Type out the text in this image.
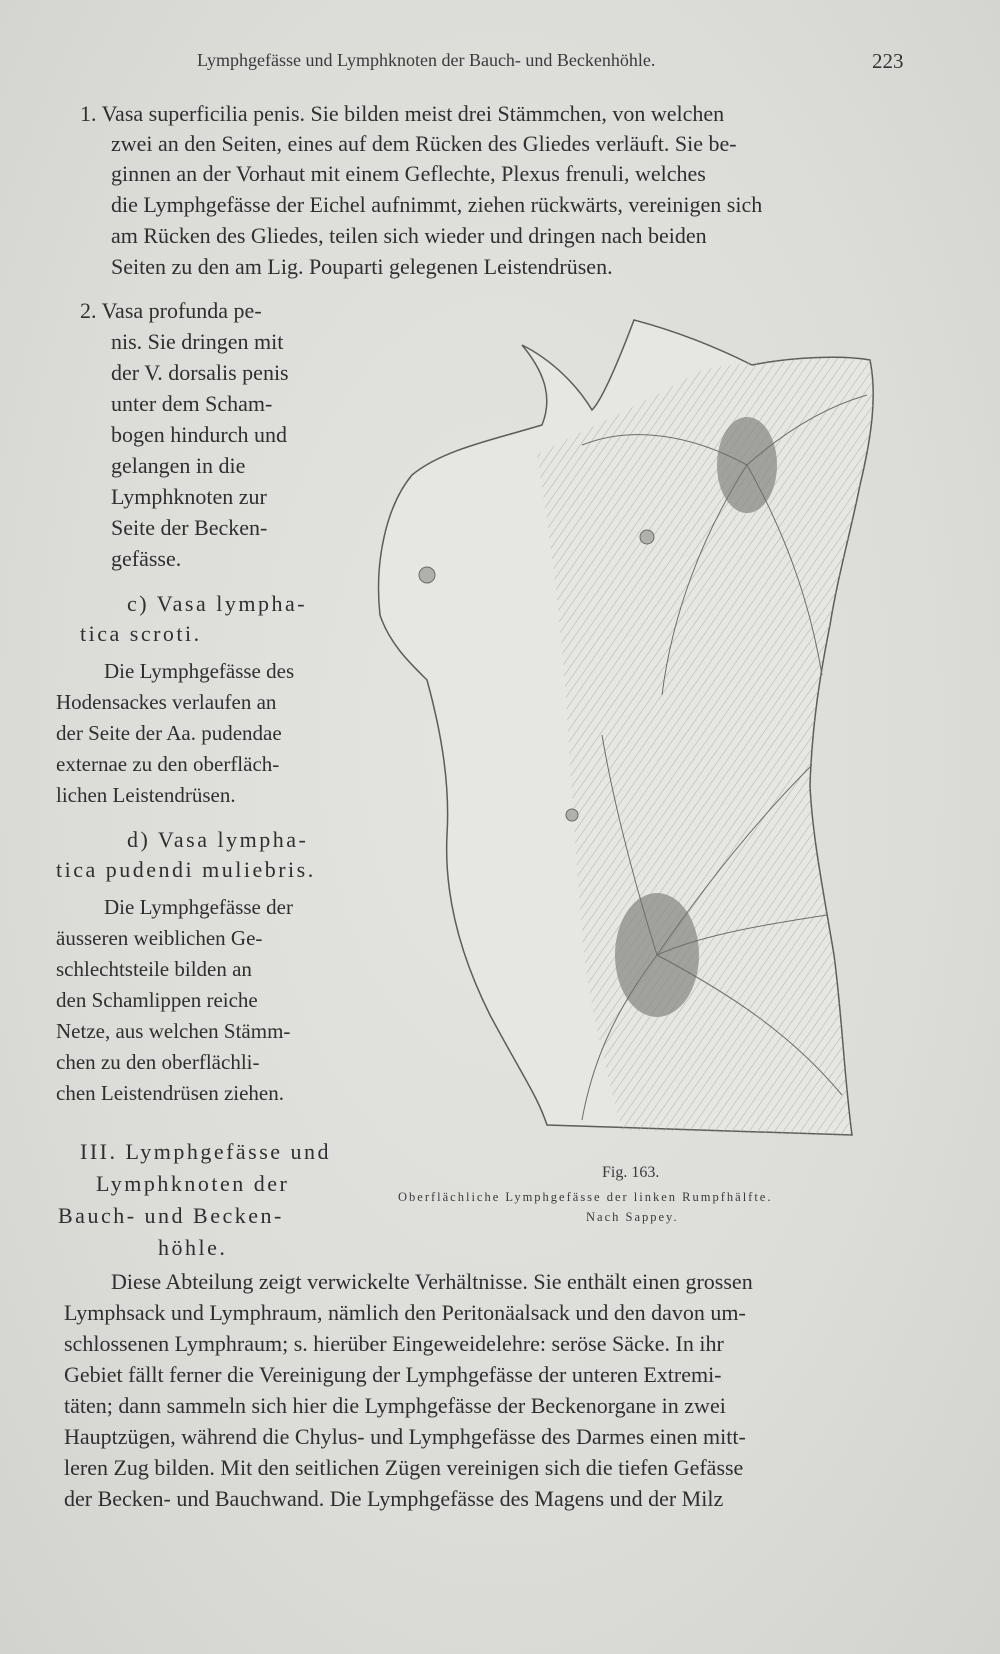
Lymphgefässe und Lymphknoten der Bauch- und Beckenhöhle.	223
1. Vasa superficilia penis. Sie bilden meist drei Stämmchen, von welchen
zwei an den Seiten, eines auf dem Rücken des Gliedes verläuft. Sie be-
ginnen an der Vorhaut mit einem Geflechte, Plexus frenuli, welches
die Lymphgefässe der Eichel aufnimmt, ziehen rückwärts, vereinigen sich
am Rücken des Gliedes, teilen sich wieder und dringen nach beiden
Seiten zu den am Lig. Pouparti gelegenen Leistendrüsen.
2. Vasa profunda pe-
nis. Sie dringen mit
der V. dorsalis penis
unter dem Scham-
bogen hindurch und
gelangen in die
Lymphknoten zur
Seite der Becken-
gefässe.
c) Vasa lympha-
tica scroti.
Die Lymphgefässe des
Hodensackes verlaufen an
der Seite der Aa. pudendae
externae zu den oberfläch-
lichen Leistendrüsen.
d) Vasa lympha-
tica pudendi muliebris.
Die Lymphgefässe der
äusseren weiblichen Ge-
schlechtsteile bilden an
den Schamlippen reiche
Netze, aus welchen Stämm-
chen zu den oberflächli-
chen Leistendrüsen ziehen.
III. Lymphgefässe und
Lymphknoten der
Bauch- und Becken-
höhle.
Fig. 163.
Oberflächliche Lymphgefässe der linken Rumpfhälfte.
Nach Sappey.
Diese Abteilung zeigt verwickelte Verhältnisse. Sie enthält einen grossen
Lymphsack und Lymphraum, nämlich den Peritonäalsack und den davon um-
schlossenen Lymphraum; s. hierüber Eingeweidelehre: seröse Säcke. In ihr
Gebiet fällt ferner die Vereinigung der Lymphgefässe der unteren Extremi-
täten; dann sammeln sich hier die Lymphgefässe der Beckenorgane in zwei
Hauptzügen, während die Chylus- und Lymphgefässe des Darmes einen mitt-
leren Zug bilden. Mit den seitlichen Zügen vereinigen sich die tiefen Gefässe
der Becken- und Bauchwand. Die Lymphgefässe des Magens und der Milz
